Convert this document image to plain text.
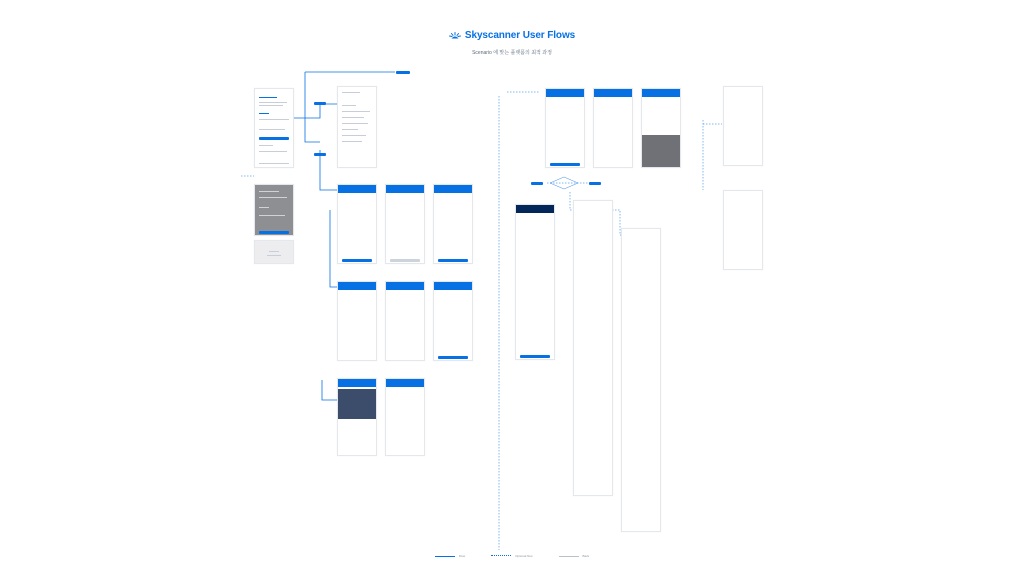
Skyscanner User Flows
Scenario 에 맞는 플랫폼의 최적 과정
Flow	Optional flow	Back
